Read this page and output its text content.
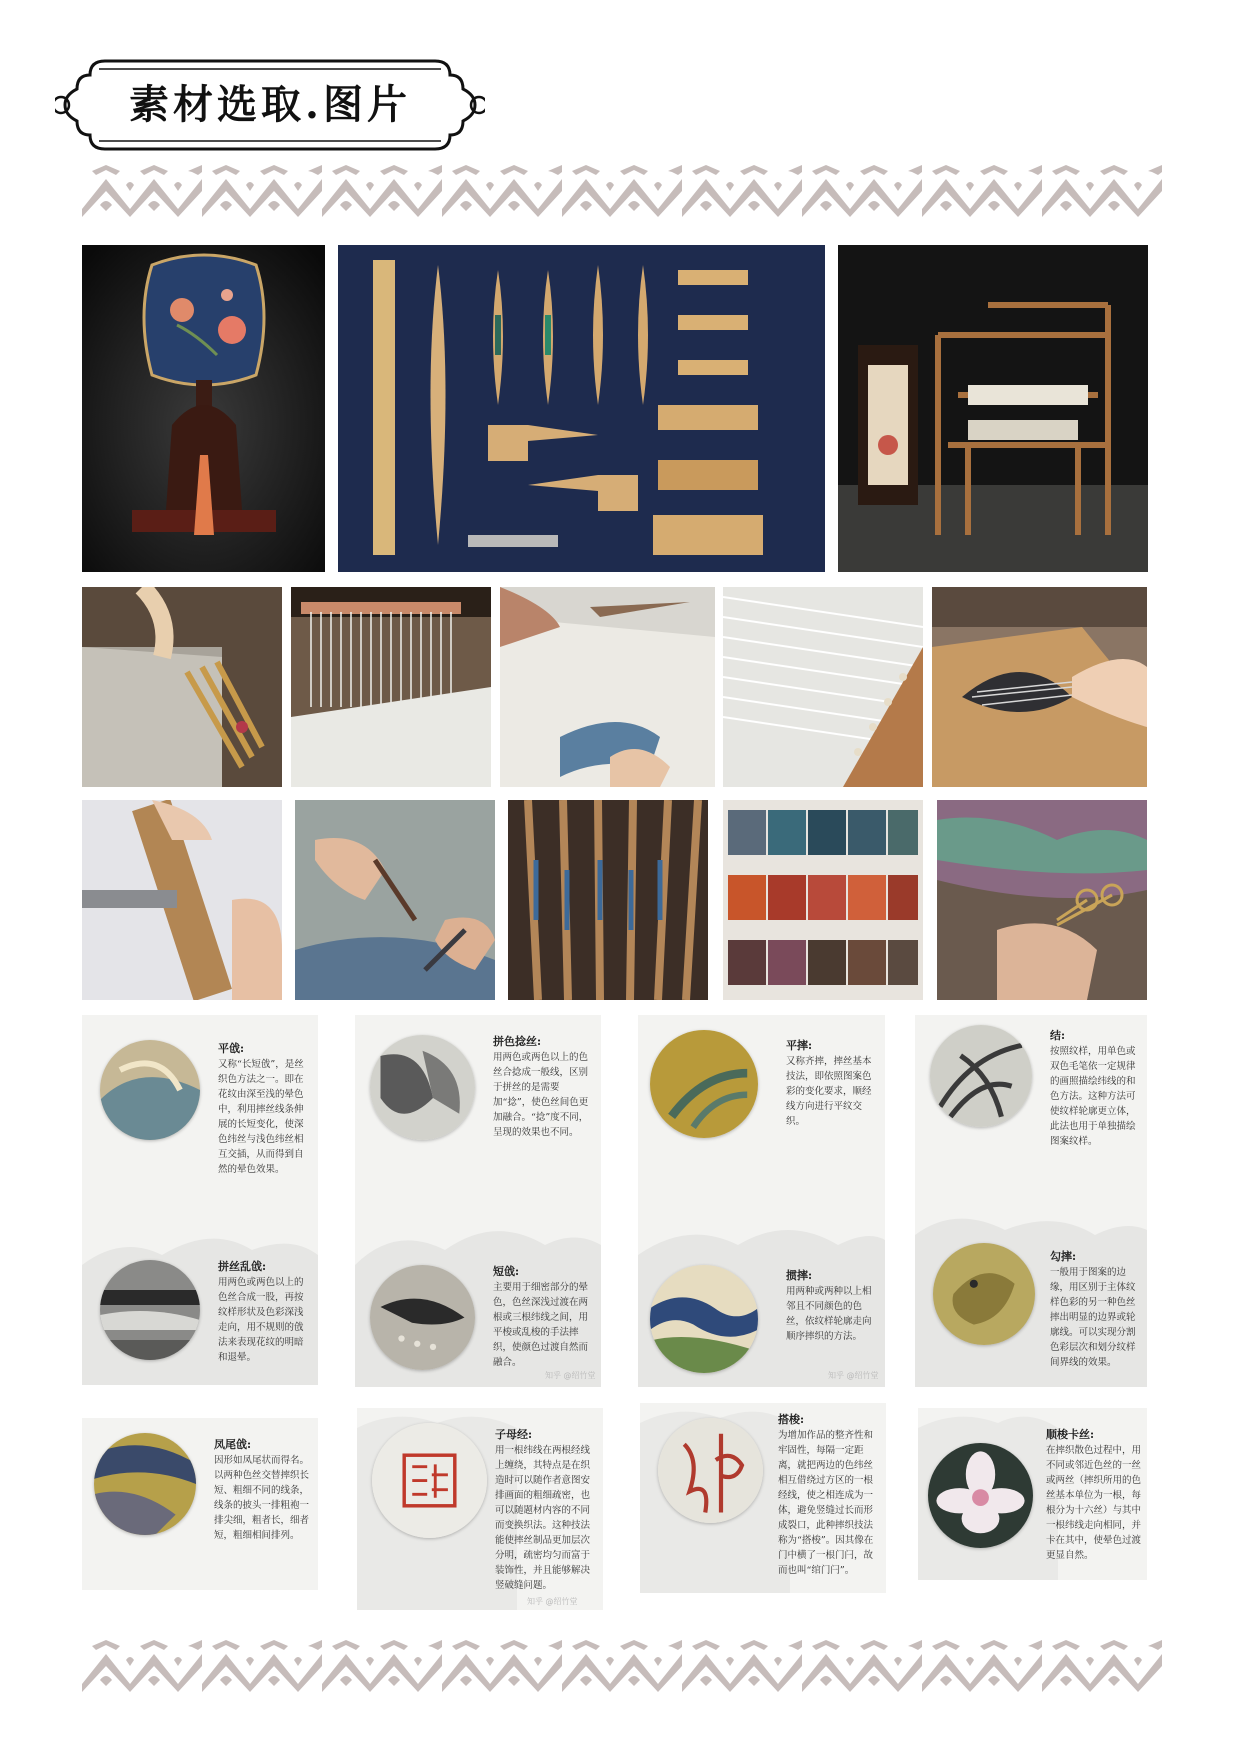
素材选取.图片
平戗:
又称“长短戗”，是丝织色方法之一。即在花纹由深至浅的晕色中，利用摔丝线条伸展的长短变化，使深色纬丝与浅色纬丝相互交插，从而得到自然的晕色效果。
拼丝乱戗:
用两色或两色以上的色丝合成一股，再按纹样形状及色彩深浅走向，用不规则的戗法来表现花纹的明暗和退晕。
拼色捻丝:
用两色或两色以上的色丝合捻成一般线，区别于拼丝的是需要加“捻”，使色丝间色更加融合。“捻”度不同，呈现的效果也不同。
短戗:
主要用于细密部分的晕色，色丝深浅过渡在两根或三根纬线之间，用平梭或乱梭的手法摔织，使颜色过渡自然而融合。
知乎 @绍竹堂
平摔:
又称齐摔，摔丝基本技法，即依照图案色彩的变化要求，顺经线方向进行平纹交织。
掼摔:
用两种或两种以上相邻且不同颜色的色丝，依纹样轮廓走向顺序摔织的方法。
知乎 @绍竹堂
结:
按照纹样，用单色或双色毛笔依一定规律的画照描绘纬线的和色方法。这种方法可使纹样轮廓更立体，此法也用于单独描绘图案纹样。
勾摔:
一般用于图案的边缘，用区别于主体纹样色彩的另一种色丝摔出明显的边界或轮廓线。可以实现分割色彩层次和划分纹样间界线的效果。
凤尾戗:
因形如凤尾状而得名。以两种色丝交替摔织长短、粗细不同的线条，线条的披头一排粗袍一排尖细，粗者长，细者短，粗细相间排列。
子母经:
用一根纬线在两根经线上缠绕，其特点是在织造时可以随作者意图安排画面的粗细疏密，也可以随题材内容的不同而变换织法。这种技法能使摔丝制品更加层次分明，疏密均匀而富于装饰性，并且能够解决竖破缝问题。
知乎 @绍竹堂
搭梭:
为增加作品的整齐性和牢固性，每隔一定距离，就把两边的色纬丝相互借绕过方区的一根经线，使之相连成为一体，避免竖缝过长而形成裂口，此种摔织技法称为“搭梭”。因其像在门中横了一根门闩，故而也叫“绾门闩”。
顺梭卡丝:
在摔织散色过程中，用不同或邻近色丝的一丝或两丝（摔织所用的色丝基本单位为一根，每根分为十六丝）与其中一根纬线走向相同，并卡在其中，使晕色过渡更显自然。
